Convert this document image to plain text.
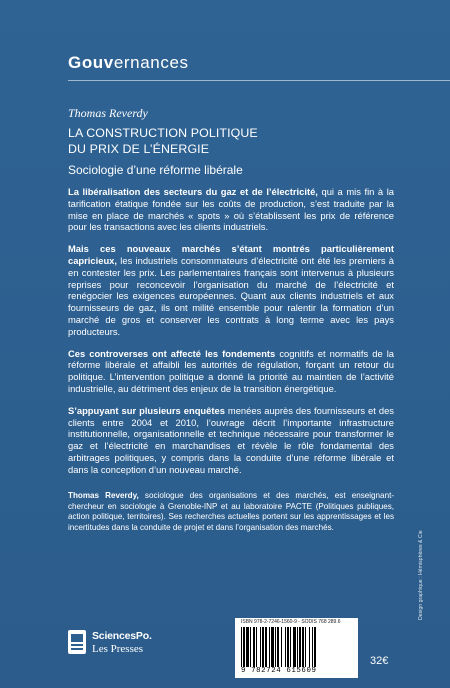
Gouvernances
Thomas Reverdy
LA CONSTRUCTION POLITIQUE
DU PRIX DE L’ÉNERGIE
Sociologie d’une réforme libérale

La libéralisation des secteurs du gaz et de l’électricité, qui a mis fin à la tarification étatique fondée sur les coûts de production, s’est traduite par la mise en place de marchés « spots » où s’établissent les prix de référence pour les transactions avec les clients industriels.

Mais ces nouveaux marchés s’étant montrés particulièrement capricieux, les industriels consommateurs d’électricité ont été les premiers à en contester les prix. Les parlementaires français sont intervenus à plusieurs reprises pour reconcevoir l’organisation du marché de l’électricité et renégocier les exigences européennes. Quant aux clients industriels et aux fournisseurs de gaz, ils ont milité ensemble pour ralentir la formation d’un marché de gros et conserver les contrats à long terme avec les pays producteurs.

Ces controverses ont affecté les fondements cognitifs et normatifs de la réforme libérale et affaibli les autorités de régulation, forçant un retour du politique. L’intervention politique a donné la priorité au maintien de l’activité industrielle, au détriment des enjeux de la transition énergétique.

S’appuyant sur plusieurs enquêtes menées auprès des fournisseurs et des clients entre 2004 et 2010, l’ouvrage décrit l’importante infrastructure institutionnelle, organisationnelle et technique nécessaire pour transformer le gaz et l’électricité en marchandises et révèle le rôle fondamental des arbitrages politiques, y compris dans la conduite d’une réforme libérale et dans la conception d’un nouveau marché.

Thomas Reverdy, sociologue des organisations et des marchés, est enseignant-chercheur en sociologie à Grenoble-INP et au laboratoire PACTE (Politiques publiques, action politique, territoires). Ses recherches actuelles portent sur les apprentissages et les incertitudes dans la conduite de projet et dans l’organisation des marchés.

Design graphique : Hémisphères & Cie
SciencesPo.
Les Presses
ISBN 978-2-7246-1560-9 - SODIS 768 289.6
9 782724 615609
32€
